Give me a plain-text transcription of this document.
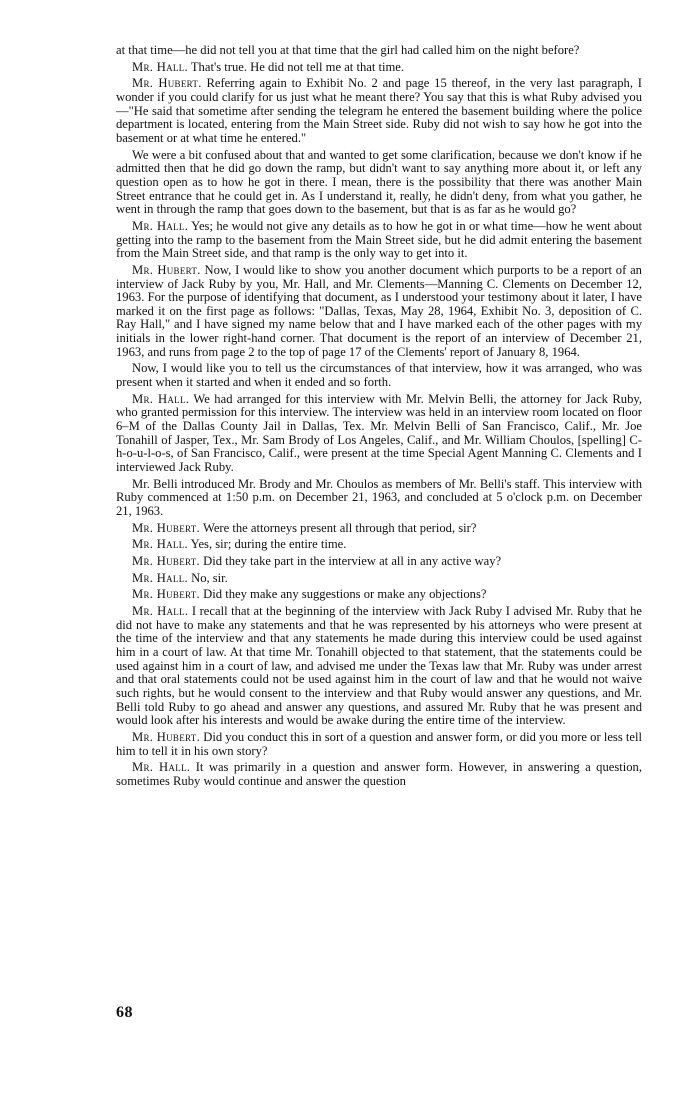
at that time—he did not tell you at that time that the girl had called him on the night before?

Mr. Hall. That's true. He did not tell me at that time.

Mr. Hubert. Referring again to Exhibit No. 2 and page 15 thereof, in the very last paragraph, I wonder if you could clarify for us just what he meant there? You say that this is what Ruby advised you—"He said that sometime after sending the telegram he entered the basement building where the police department is located, entering from the Main Street side. Ruby did not wish to say how he got into the basement or at what time he entered."

We were a bit confused about that and wanted to get some clarification, because we don't know if he admitted then that he did go down the ramp, but didn't want to say anything more about it, or left any question open as to how he got in there. I mean, there is the possibility that there was another Main Street entrance that he could get in. As I understand it, really, he didn't deny, from what you gather, he went in through the ramp that goes down to the basement, but that is as far as he would go?

Mr. Hall. Yes; he would not give any details as to how he got in or what time—how he went about getting into the ramp to the basement from the Main Street side, but he did admit entering the basement from the Main Street side, and that ramp is the only way to get into it.

Mr. Hubert. Now, I would like to show you another document which purports to be a report of an interview of Jack Ruby by you, Mr. Hall, and Mr. Clements—Manning C. Clements on December 12, 1963. For the purpose of identifying that document, as I understood your testimony about it later, I have marked it on the first page as follows: "Dallas, Texas, May 28, 1964, Exhibit No. 3, deposition of C. Ray Hall," and I have signed my name below that and I have marked each of the other pages with my initials in the lower right-hand corner. That document is the report of an interview of December 21, 1963, and runs from page 2 to the top of page 17 of the Clements' report of January 8, 1964.

Now, I would like you to tell us the circumstances of that interview, how it was arranged, who was present when it started and when it ended and so forth.

Mr. Hall. We had arranged for this interview with Mr. Melvin Belli, the attorney for Jack Ruby, who granted permission for this interview. The interview was held in an interview room located on floor 6–M of the Dallas County Jail in Dallas, Tex. Mr. Melvin Belli of San Francisco, Calif., Mr. Joe Tonahill of Jasper, Tex., Mr. Sam Brody of Los Angeles, Calif., and Mr. William Choulos, [spelling] C-h-o-u-l-o-s, of San Francisco, Calif., were present at the time Special Agent Manning C. Clements and I interviewed Jack Ruby.

Mr. Belli introduced Mr. Brody and Mr. Choulos as members of Mr. Belli's staff. This interview with Ruby commenced at 1:50 p.m. on December 21, 1963, and concluded at 5 o'clock p.m. on December 21, 1963.

Mr. Hubert. Were the attorneys present all through that period, sir?

Mr. Hall. Yes, sir; during the entire time.

Mr. Hubert. Did they take part in the interview at all in any active way?

Mr. Hall. No, sir.

Mr. Hubert. Did they make any suggestions or make any objections?

Mr. Hall. I recall that at the beginning of the interview with Jack Ruby I advised Mr. Ruby that he did not have to make any statements and that he was represented by his attorneys who were present at the time of the interview and that any statements he made during this interview could be used against him in a court of law. At that time Mr. Tonahill objected to that statement, that the statements could be used against him in a court of law, and advised me under the Texas law that Mr. Ruby was under arrest and that oral statements could not be used against him in the court of law and that he would not waive such rights, but he would consent to the interview and that Ruby would answer any questions, and Mr. Belli told Ruby to go ahead and answer any questions, and assured Mr. Ruby that he was present and would look after his interests and would be awake during the entire time of the interview.

Mr. Hubert. Did you conduct this in sort of a question and answer form, or did you more or less tell him to tell it in his own story?

Mr. Hall. It was primarily in a question and answer form. However, in answering a question, sometimes Ruby would continue and answer the question

68
